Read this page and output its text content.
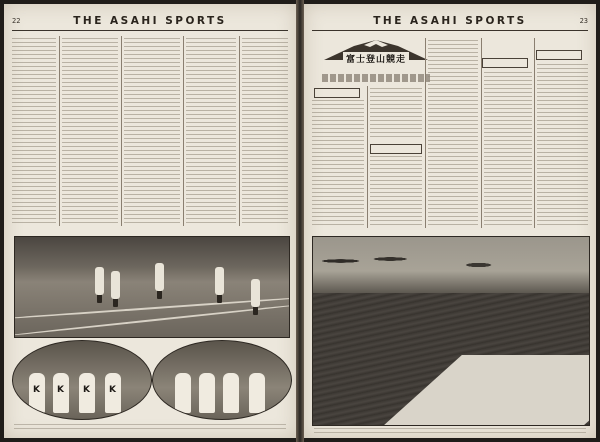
22	THE ASAHI SPORTS
K K K K
THE ASAHI SPORTS	23
富士登山競走
